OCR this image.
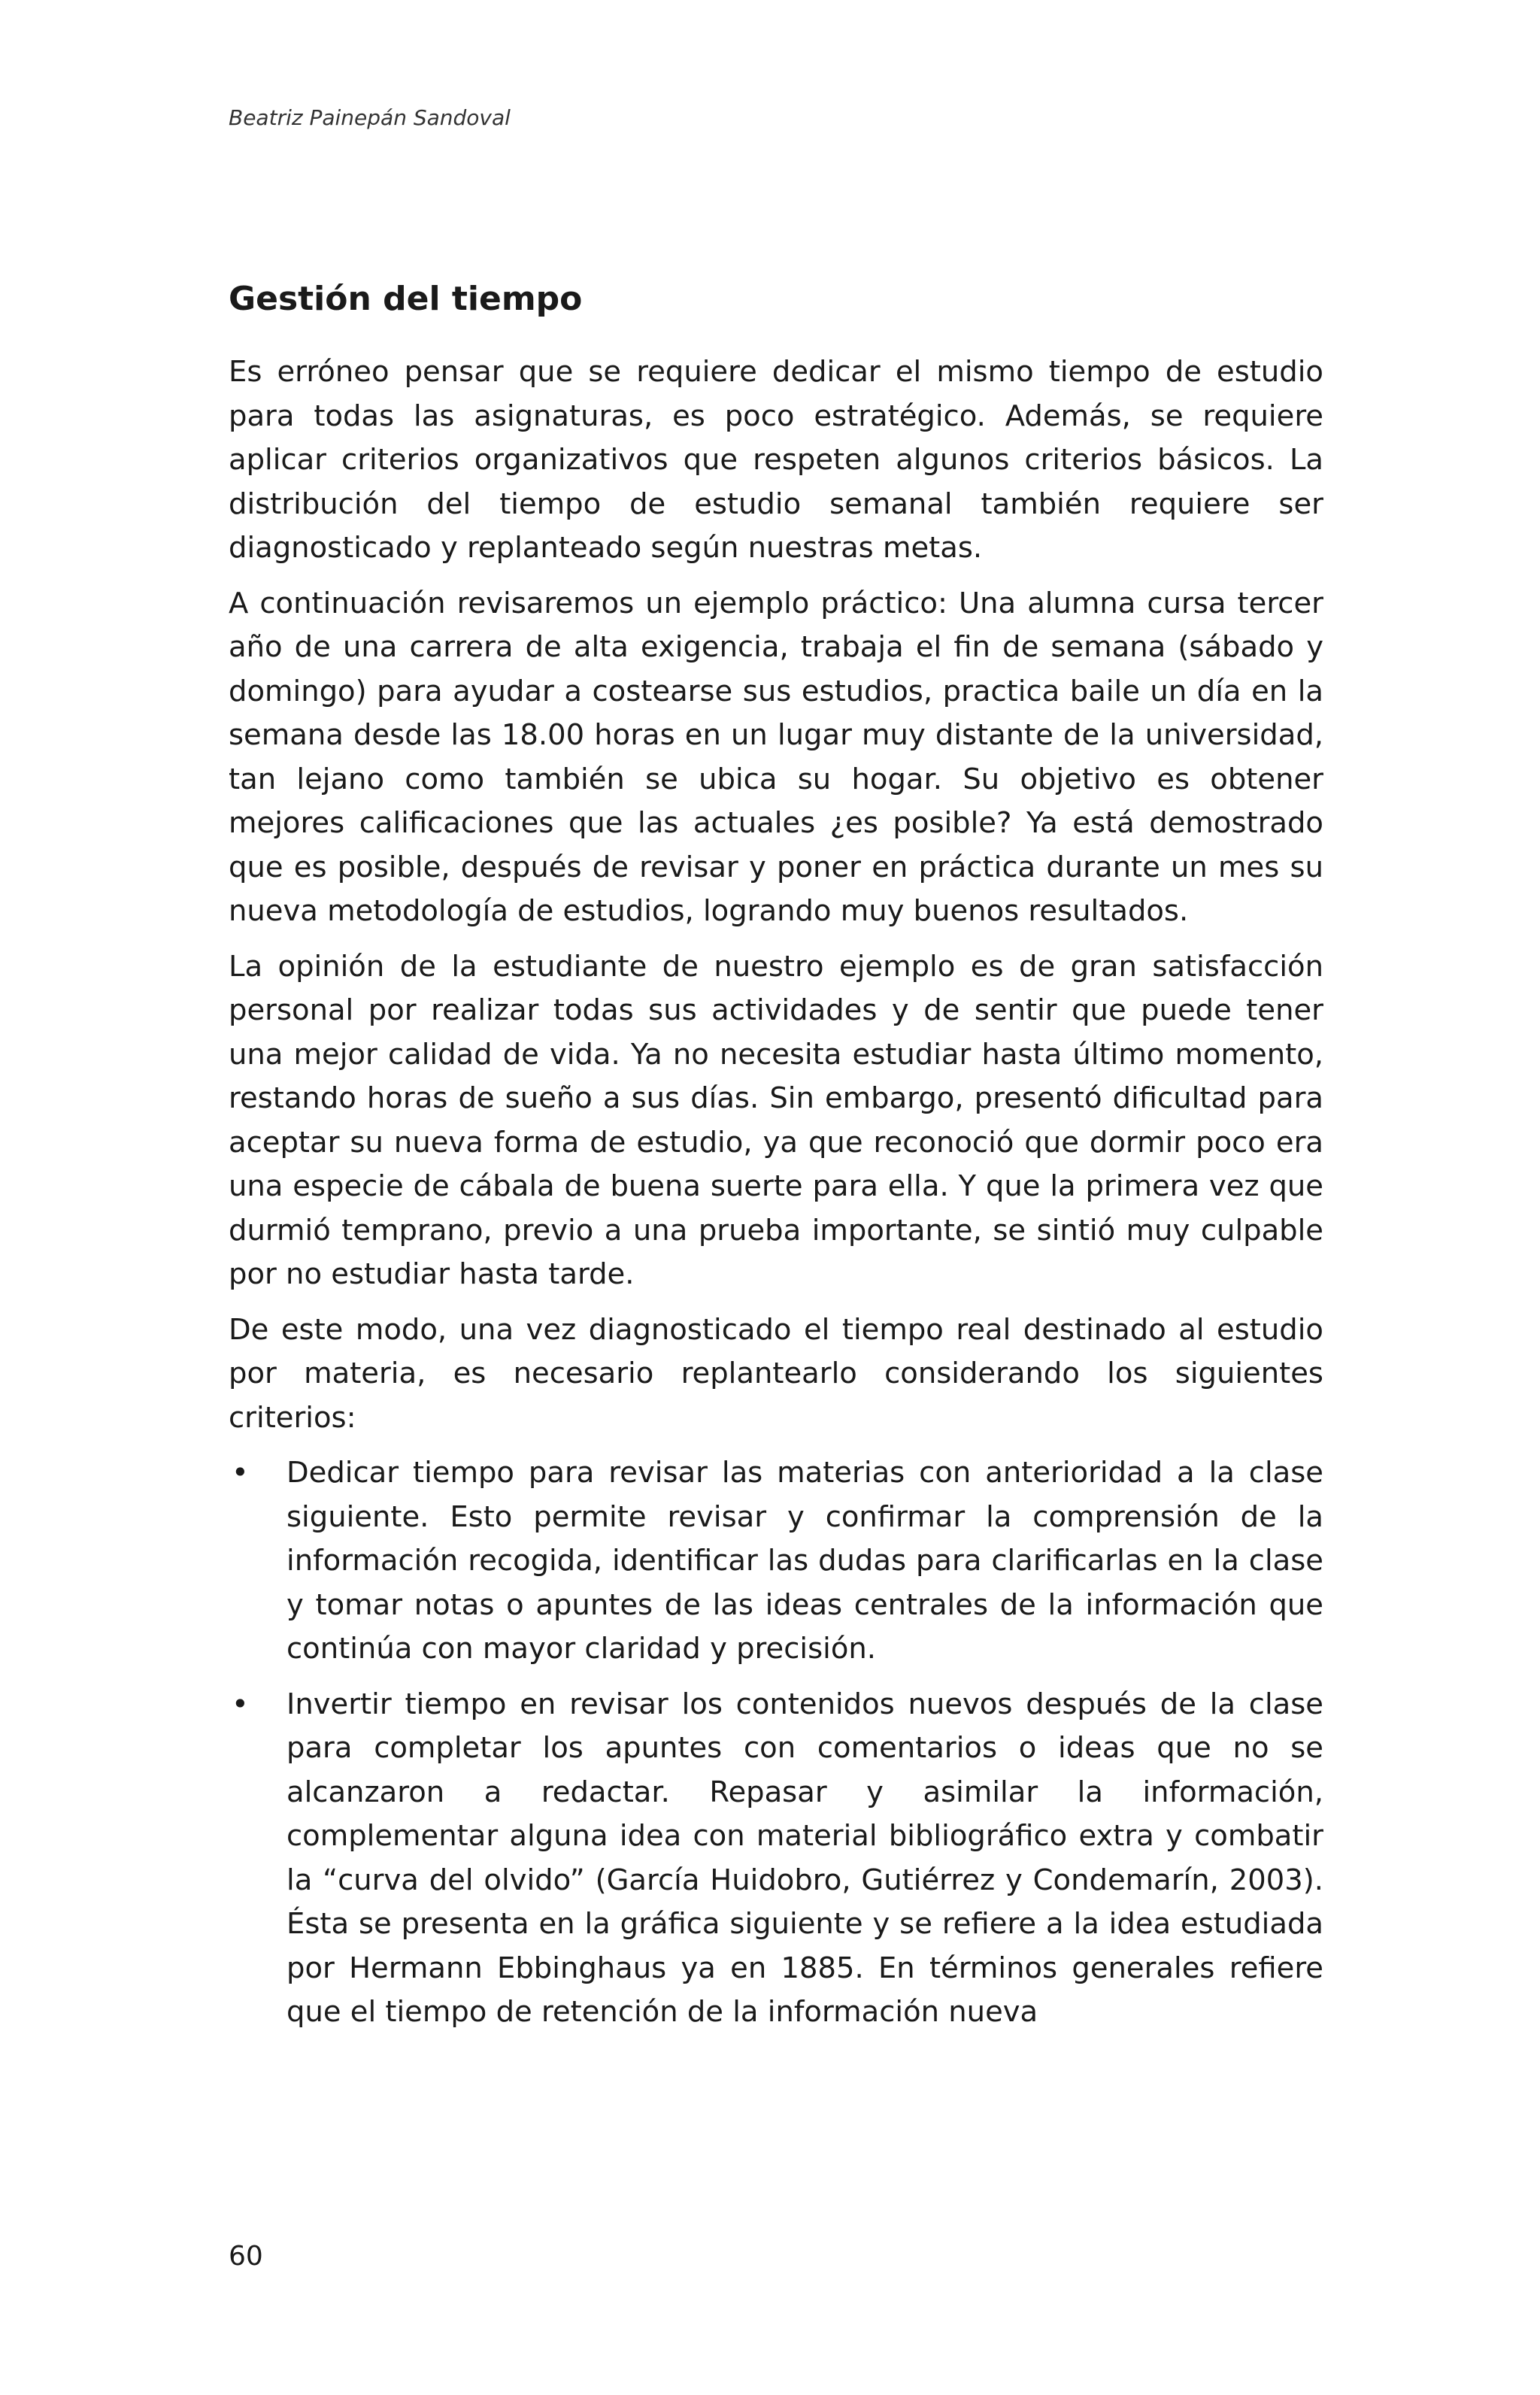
Beatriz Painepán Sandoval

Gestión del tiempo

Es erróneo pensar que se requiere dedicar el mismo tiempo de estudio para todas las asignaturas, es poco estratégico. Además, se requiere aplicar criterios organizativos que respeten algunos criterios básicos. La distribución del tiempo de estudio semanal también requiere ser diagnosticado y replanteado según nuestras metas.

A continuación revisaremos un ejemplo práctico: Una alumna cursa tercer año de una carrera de alta exigencia, trabaja el fin de semana (sábado y domingo) para ayudar a costearse sus estudios, practica baile un día en la semana desde las 18.00 horas en un lugar muy distante de la universidad, tan lejano como también se ubica su hogar. Su objetivo es obtener mejores calificaciones que las actuales ¿es posible? Ya está demostrado que es posible, después de revisar y poner en práctica durante un mes su nueva metodología de estudios, logrando muy buenos resultados.

La opinión de la estudiante de nuestro ejemplo es de gran satisfacción personal por realizar todas sus actividades y de sentir que puede tener una mejor calidad de vida. Ya no necesita estudiar hasta último momento, restando horas de sueño a sus días. Sin embargo, presentó dificultad para aceptar su nueva forma de estudio, ya que reconoció que dormir poco era una especie de cábala de buena suerte para ella. Y que la primera vez que durmió temprano, previo a una prueba importante, se sintió muy culpable por no estudiar hasta tarde.

De este modo, una vez diagnosticado el tiempo real destinado al estudio por materia, es necesario replantearlo considerando los siguientes criterios:

• Dedicar tiempo para revisar las materias con anterioridad a la clase siguiente. Esto permite revisar y confirmar la comprensión de la información recogida, identificar las dudas para clarificarlas en la clase y tomar notas o apuntes de las ideas centrales de la información que continúa con mayor claridad y precisión.
• Invertir tiempo en revisar los contenidos nuevos después de la clase para completar los apuntes con comentarios o ideas que no se alcanzaron a redactar. Repasar y asimilar la información, complementar alguna idea con material bibliográfico extra y combatir la “curva del olvido” (García Huidobro, Gutiérrez y Condemarín, 2003). Ésta se presenta en la gráfica siguiente y se refiere a la idea estudiada por Hermann Ebbinghaus ya en 1885. En términos generales refiere que el tiempo de retención de la información nueva

60
